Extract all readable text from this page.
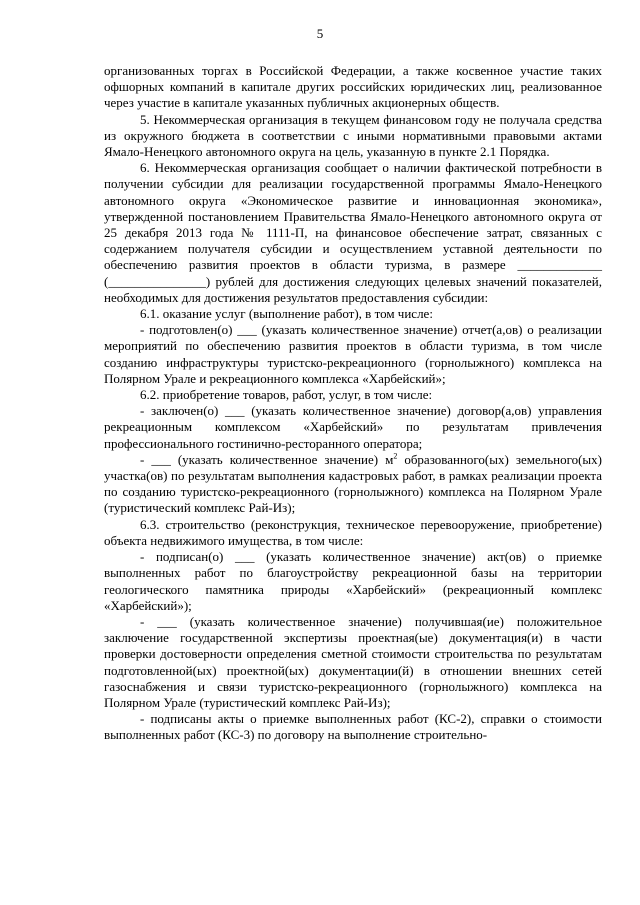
5

организованных торгах в Российской Федерации, а также косвенное участие таких офшорных компаний в капитале других российских юридических лиц, реализованное через участие в капитале указанных публичных акционерных обществ.

5. Некоммерческая организация в текущем финансовом году не получала средства из окружного бюджета в соответствии с иными нормативными правовыми актами Ямало-Ненецкого автономного округа на цель, указанную в пункте 2.1 Порядка.

6. Некоммерческая организация сообщает о наличии фактической потребности в получении субсидии для реализации государственной программы Ямало-Ненецкого автономного округа «Экономическое развитие и инновационная экономика», утвержденной постановлением Правительства Ямало-Ненецкого автономного округа от 25 декабря 2013 года № 1111-П, на финансовое обеспечение затрат, связанных с содержанием получателя субсидии и осуществлением уставной деятельности по обеспечению развития проектов в области туризма, в размере _____________ (_______________) рублей для достижения следующих целевых значений показателей, необходимых для достижения результатов предоставления субсидии:

6.1. оказание услуг (выполнение работ), в том числе:

- подготовлен(о) ___ (указать количественное значение) отчет(а,ов) о реализации мероприятий по обеспечению развития проектов в области туризма, в том числе созданию инфраструктуры туристско-рекреационного (горнолыжного) комплекса на Полярном Урале и рекреационного комплекса «Харбейский»;

6.2. приобретение товаров, работ, услуг, в том числе:

- заключен(о) ___ (указать количественное значение) договор(а,ов) управления рекреационным комплексом «Харбейский» по результатам привлечения профессионального гостинично-ресторанного оператора;

- ___ (указать количественное значение) $м^2$ образованного(ых) земельного(ых) участка(ов) по результатам выполнения кадастровых работ, в рамках реализации проекта по созданию туристско-рекреационного (горнолыжного) комплекса на Полярном Урале (туристический комплекс Рай-Из);

6.3. строительство (реконструкция, техническое перевооружение, приобретение) объекта недвижимого имущества, в том числе:

- подписан(о) ___ (указать количественное значение) акт(ов) о приемке выполненных работ по благоустройству рекреационной базы на территории геологического памятника природы «Харбейский» (рекреационный комплекс «Харбейский»);

- ___ (указать количественное значение) получившая(ие) положительное заключение государственной экспертизы проектная(ые) документация(и) в части проверки достоверности определения сметной стоимости строительства по результатам подготовленной(ых) проектной(ых) документации(й) в отношении внешних сетей газоснабжения и связи туристско-рекреационного (горнолыжного) комплекса на Полярном Урале (туристический комплекс Рай-Из);

- подписаны акты о приемке выполненных работ (КС-2), справки о стоимости выполненных работ (КС-3) по договору на выполнение строительно-
